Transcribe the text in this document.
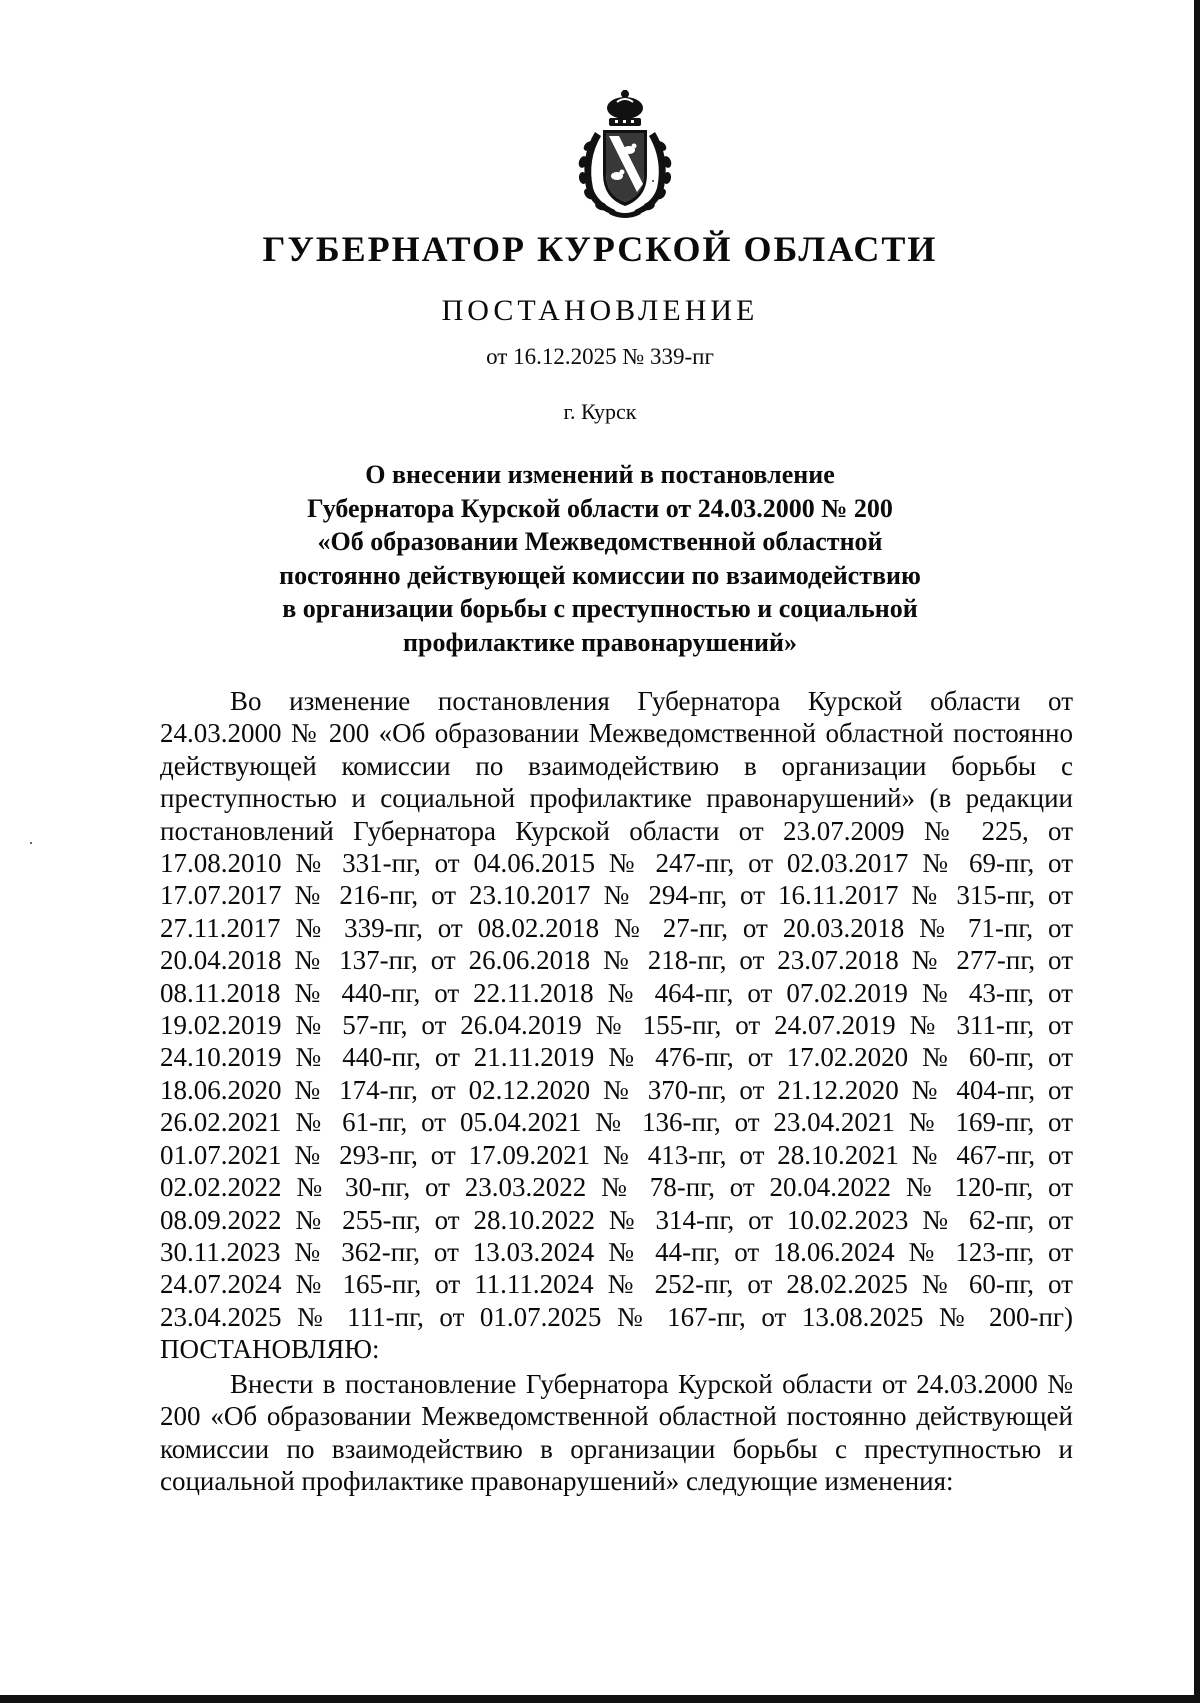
ГУБЕРНАТОР КУРСКОЙ ОБЛАСТИ
ПОСТАНОВЛЕНИЕ
от 16.12.2025 № 339-пг
г. Курск
О внесении изменений в постановление
Губернатора Курской области от 24.03.2000 № 200
«Об образовании Межведомственной областной
постоянно действующей комиссии по взаимодействию
в организации борьбы с преступностью и социальной
профилактике правонарушений»
Во изменение постановления Губернатора Курской области от 24.03.2000 № 200 «Об образовании Межведомственной областной постоянно действующей комиссии по взаимодействию в организации борьбы с преступностью и социальной профилактике правонарушений» (в редакции постановлений Губернатора Курской области от 23.07.2009 № 225, от 17.08.2010 № 331-пг, от 04.06.2015 № 247-пг, от 02.03.2017 № 69-пг, от 17.07.2017 № 216-пг, от 23.10.2017 № 294-пг, от 16.11.2017 № 315-пг, от 27.11.2017 № 339-пг, от 08.02.2018 № 27-пг, от 20.03.2018 № 71-пг, от 20.04.2018 № 137-пг, от 26.06.2018 № 218-пг, от 23.07.2018 № 277-пг, от 08.11.2018 № 440-пг, от 22.11.2018 № 464-пг, от 07.02.2019 № 43-пг, от 19.02.2019 № 57-пг, от 26.04.2019 № 155-пг, от 24.07.2019 № 311-пг, от 24.10.2019 № 440-пг, от 21.11.2019 № 476-пг, от 17.02.2020 № 60-пг, от 18.06.2020 № 174-пг, от 02.12.2020 № 370-пг, от 21.12.2020 № 404-пг, от 26.02.2021 № 61-пг, от 05.04.2021 № 136-пг, от 23.04.2021 № 169-пг, от 01.07.2021 № 293-пг, от 17.09.2021 № 413-пг, от 28.10.2021 № 467-пг, от 02.02.2022 № 30-пг, от 23.03.2022 № 78-пг, от 20.04.2022 № 120-пг, от 08.09.2022 № 255-пг, от 28.10.2022 № 314-пг, от 10.02.2023 № 62-пг, от 30.11.2023 № 362-пг, от 13.03.2024 № 44-пг, от 18.06.2024 № 123-пг, от 24.07.2024 № 165-пг, от 11.11.2024 № 252-пг, от 28.02.2025 № 60-пг, от 23.04.2025 № 111-пг, от 01.07.2025 № 167-пг, от 13.08.2025 № 200-пг) ПОСТАНОВЛЯЮ:
Внести в постановление Губернатора Курской области от 24.03.2000 № 200 «Об образовании Межведомственной областной постоянно действующей комиссии по взаимодействию в организации борьбы с преступностью и социальной профилактике правонарушений» следующие изменения:
